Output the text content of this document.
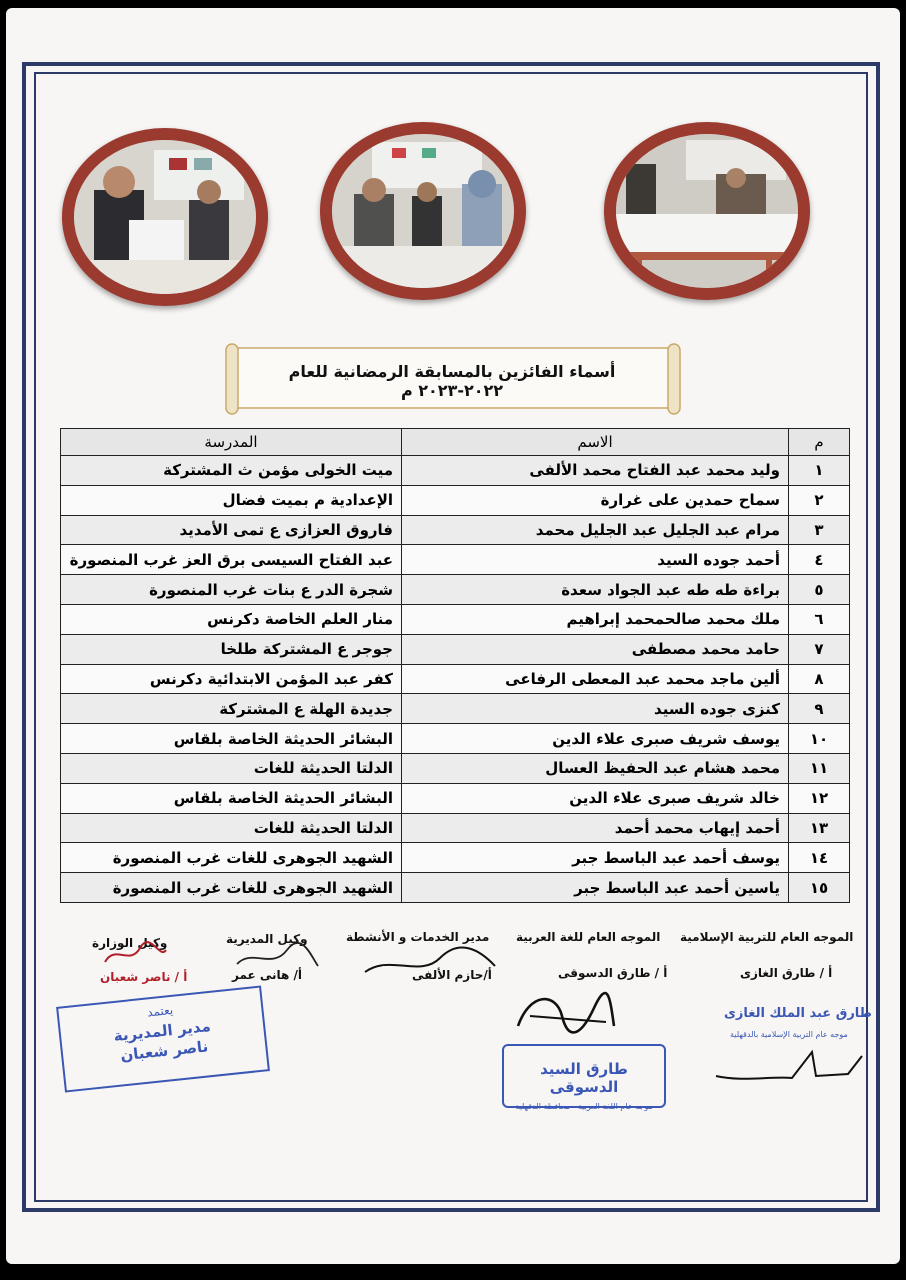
أسماء الفائزين بالمسابقة الرمضانية للعام ٢٠٢٢-٢٠٢٣ م
م	الاسم	المدرسة
١	وليد محمد عبد الفتاح محمد الألفى	ميت الخولى مؤمن ث المشتركة
٢	سماح حمدين على غرارة	الإعدادية م بميت فضال
٣	مرام عبد الجليل عبد الجليل محمد	فاروق العزازى ع تمى الأمديد
٤	أحمد جوده السيد	عبد الفتاح السيسى برق العز غرب المنصورة
٥	براءة طه طه عبد الجواد سعدة	شجرة الدر ع بنات غرب المنصورة
٦	ملك محمد صالحمحمد إبراهيم	منار العلم الخاصة دكرنس
٧	حامد محمد مصطفى	جوجر ع المشتركة طلخا
٨	ألين ماجد محمد عبد المعطى الرفاعى	كفر عبد المؤمن الابتدائية دكرنس
٩	كنزى جوده السيد	جديدة الهلة ع المشتركة
١٠	يوسف شريف صبرى علاء الدين	البشائر الحديثة الخاصة بلقاس
١١	محمد هشام عبد الحفيظ العسال	الدلتا الحديثة للغات
١٢	خالد شريف صبرى علاء الدين	البشائر الحديثة الخاصة بلقاس
١٣	أحمد إيهاب محمد أحمد	الدلتا الحديثة للغات
١٤	يوسف أحمد عبد الباسط جبر	الشهيد الجوهرى للغات غرب المنصورة
١٥	ياسين أحمد عبد الباسط جبر	الشهيد الجوهرى للغات غرب المنصورة
الموجه العام للتربية الإسلامية
الموجه العام للغة العربية
مدير الخدمات و الأنشطة
وكيل المديرية
وكيل الوزارة
أ / طارق الغازى
أ / طارق الدسوقى
أ/حازم الألفى
أ/ هانى عمر
أ / ناصر شعبان
طارق السيد الدسوقى
موجه عام اللغة العربية - محافظة الدقهلية
طارق عبد الملك الغازى
موجه عام التربية الإسلامية بالدقهلية
يعتمد
مدير المديرية
ناصر شعبان
